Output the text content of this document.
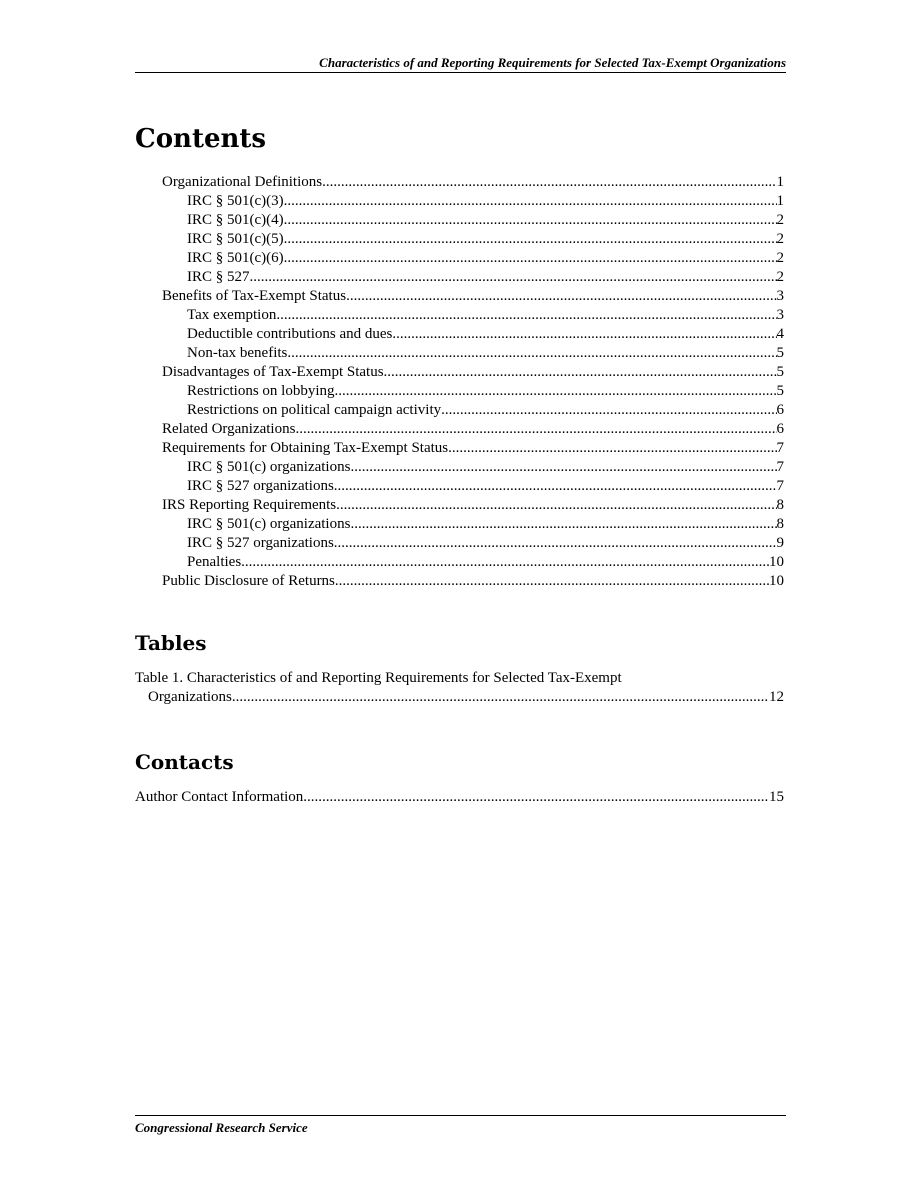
Characteristics of and Reporting Requirements for Selected Tax-Exempt Organizations
Contents
Organizational Definitions .....	1
IRC § 501(c)(3) .....	1
IRC § 501(c)(4) .....	2
IRC § 501(c)(5) .....	2
IRC § 501(c)(6) .....	2
IRC § 527 .....	2
Benefits of Tax-Exempt Status .....	3
Tax exemption .....	3
Deductible contributions and dues .....	4
Non-tax benefits .....	5
Disadvantages of Tax-Exempt Status .....	5
Restrictions on lobbying .....	5
Restrictions on political campaign activity .....	6
Related Organizations .....	6
Requirements for Obtaining Tax-Exempt Status .....	7
IRC § 501(c) organizations .....	7
IRC § 527 organizations .....	7
IRS Reporting Requirements .....	8
IRC § 501(c) organizations .....	8
IRC § 527 organizations .....	9
Penalties .....	10
Public Disclosure of Returns .....	10
Tables
Table 1. Characteristics of and Reporting Requirements for Selected Tax-Exempt
Organizations .....	12
Contacts
Author Contact Information .....	15
Congressional Research Service
